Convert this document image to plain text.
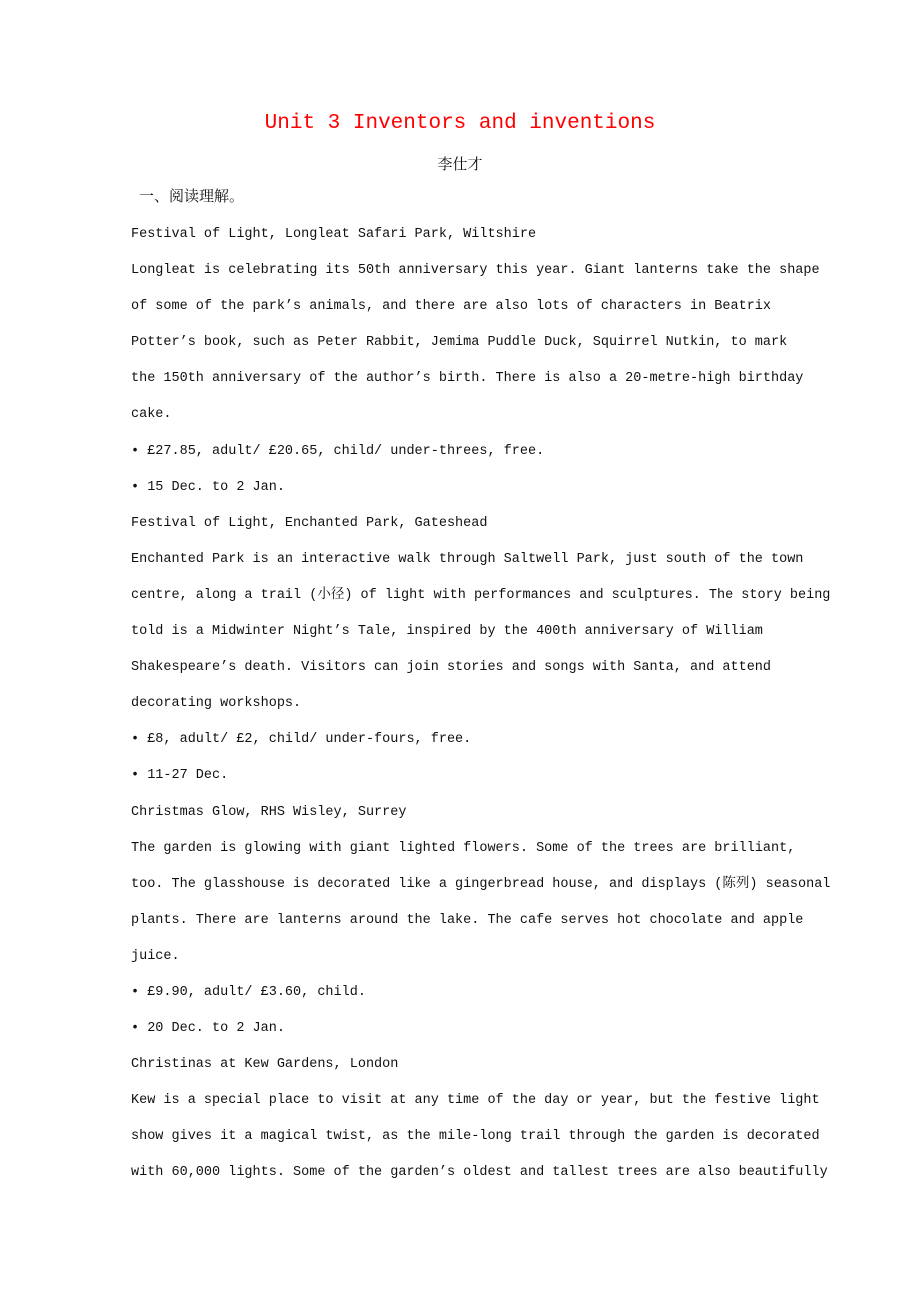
Unit 3 Inventors and inventions
李仕才
一、阅读理解。
Festival of Light, Longleat Safari Park, Wiltshire
Longleat is celebrating its 50th anniversary this year. Giant lanterns take the shape
of some of the park’s animals, and there are also lots of characters in Beatrix
Potter’s book, such as Peter Rabbit, Jemima Puddle Duck, Squirrel Nutkin, to mark
the 150th anniversary of the author’s birth. There is also a 20-metre-high birthday
cake.
• £27.85, adult/ £20.65, child/ under-threes, free.
• 15 Dec. to 2 Jan.
Festival of Light, Enchanted Park, Gateshead
Enchanted Park is an interactive walk through Saltwell Park, just south of the town
centre, along a trail (小径) of light with performances and sculptures. The story being
told is a Midwinter Night’s Tale, inspired by the 400th anniversary of William
Shakespeare’s death. Visitors can join stories and songs with Santa, and attend
decorating workshops.
• £8, adult/ £2, child/ under-fours, free.
• 11-27 Dec.
Christmas Glow, RHS Wisley, Surrey
The garden is glowing with giant lighted flowers. Some of the trees are brilliant,
too. The glasshouse is decorated like a gingerbread house, and displays (陈列) seasonal
plants. There are lanterns around the lake. The cafe serves hot chocolate and apple
juice.
• £9.90, adult/ £3.60, child.
• 20 Dec. to 2 Jan.
Christinas at Kew Gardens, London
Kew is a special place to visit at any time of the day or year, but the festive light
show gives it a magical twist, as the mile-long trail through the garden is decorated
with 60,000 lights. Some of the garden’s oldest and tallest trees are also beautifully
